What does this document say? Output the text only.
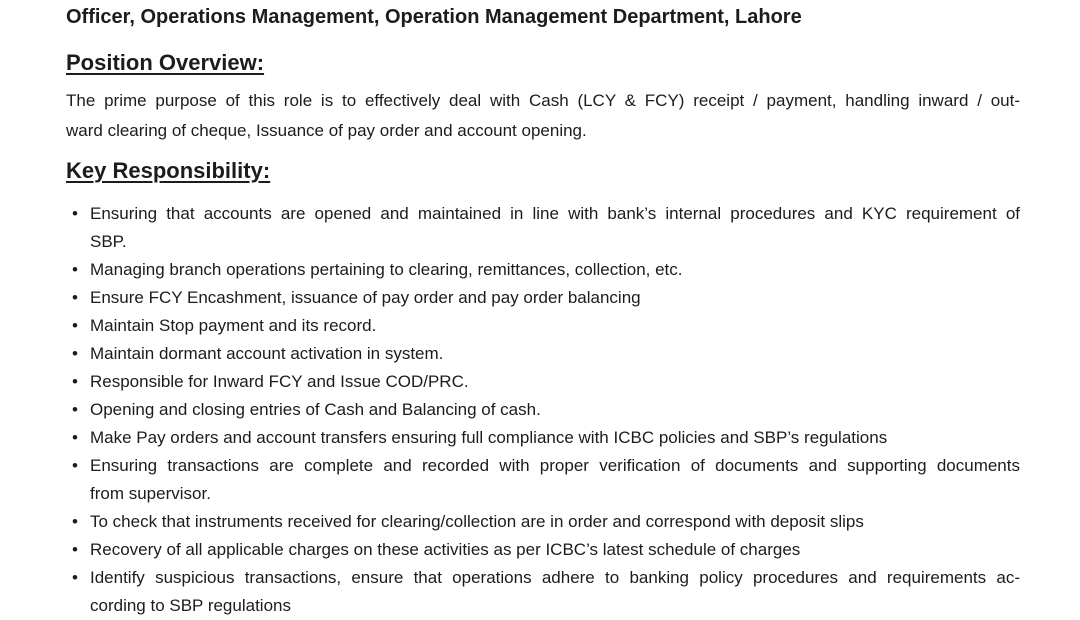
Officer, Operations Management, Operation Management Department, Lahore
Position Overview:
The prime purpose of this role is to effectively deal with Cash (LCY & FCY) receipt / payment, handling inward / out-
ward clearing of cheque, Issuance of pay order and account opening.
Key Responsibility:
• Ensuring that accounts are opened and maintained in line with bank’s internal procedures and KYC requirement of
SBP.
• Managing branch operations pertaining to clearing, remittances, collection, etc.
• Ensure FCY Encashment, issuance of pay order and pay order balancing
• Maintain Stop payment and its record.
• Maintain dormant account activation in system.
• Responsible for Inward FCY and Issue COD/PRC.
• Opening and closing entries of Cash and Balancing of cash.
• Make Pay orders and account transfers ensuring full compliance with ICBC policies and SBP’s regulations
• Ensuring transactions are complete and recorded with proper verification of documents and supporting documents
from supervisor.
• To check that instruments received for clearing/collection are in order and correspond with deposit slips
• Recovery of all applicable charges on these activities as per ICBC’s latest schedule of charges
• Identify suspicious transactions, ensure that operations adhere to banking policy procedures and requirements ac-
cording to SBP regulations
